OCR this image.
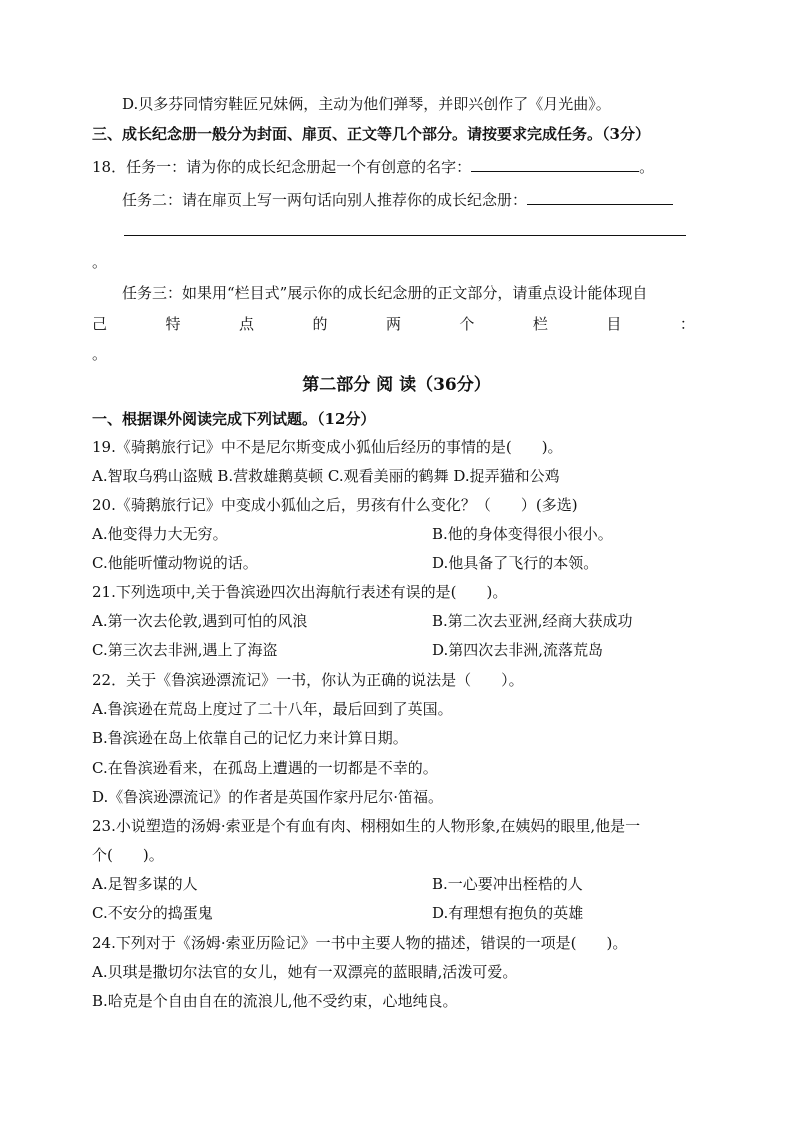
D.贝多芬同情穷鞋匠兄妹俩，主动为他们弹琴，并即兴创作了《月光曲》。
三、成长纪念册一般分为封面、扉页、正文等几个部分。请按要求完成任务。（3分）
18．任务一：请为你的成长纪念册起一个有创意的名字：	。
任务二：请在扉页上写一两句话向别人推荐你的成长纪念册：
。
任务三：如果用“栏目式”展示你的成长纪念册的正文部分，请重点设计能体现自
己	特	点	的	两	个	栏	目	：
。
第二部分 阅 读（36分）
一、根据课外阅读完成下列试题。（12分）
19.《骑鹅旅行记》中不是尼尔斯变成小狐仙后经历的事情的是(　　)。
A.智取乌鸦山盗贼 B.营救雄鹅莫顿 C.观看美丽的鹤舞 D.捉弄猫和公鸡
20.《骑鹅旅行记》中变成小狐仙之后，男孩有什么变化？（　　）(多选)
A.他变得力大无穷。	B.他的身体变得很小很小。
C.他能听懂动物说的话。	D.他具备了飞行的本领。
21.下列选项中,关于鲁滨逊四次出海航行表述有误的是(　　)。
A.第一次去伦敦,遇到可怕的风浪	B.第二次去亚洲,经商大获成功
C.第三次去非洲,遇上了海盗	D.第四次去非洲,流落荒岛
22．关于《鲁滨逊漂流记》一书，你认为正确的说法是（　　）。
A.鲁滨逊在荒岛上度过了二十八年，最后回到了英国。
B.鲁滨逊在岛上依靠自己的记忆力来计算日期。
C.在鲁滨逊看来，在孤岛上遭遇的一切都是不幸的。
D.《鲁滨逊漂流记》的作者是英国作家丹尼尔·笛福。
23.小说塑造的汤姆·索亚是个有血有肉、栩栩如生的人物形象,在姨妈的眼里,他是一
个(　　)。
A.足智多谋的人	B.一心要冲出桎梏的人
C.不安分的捣蛋鬼	D.有理想有抱负的英雄
24.下列对于《汤姆·索亚历险记》一书中主要人物的描述，错误的一项是(　　)。
A.贝琪是撒切尔法官的女儿，她有一双漂亮的蓝眼睛,活泼可爱。
B.哈克是个自由自在的流浪儿,他不受约束，心地纯良。
